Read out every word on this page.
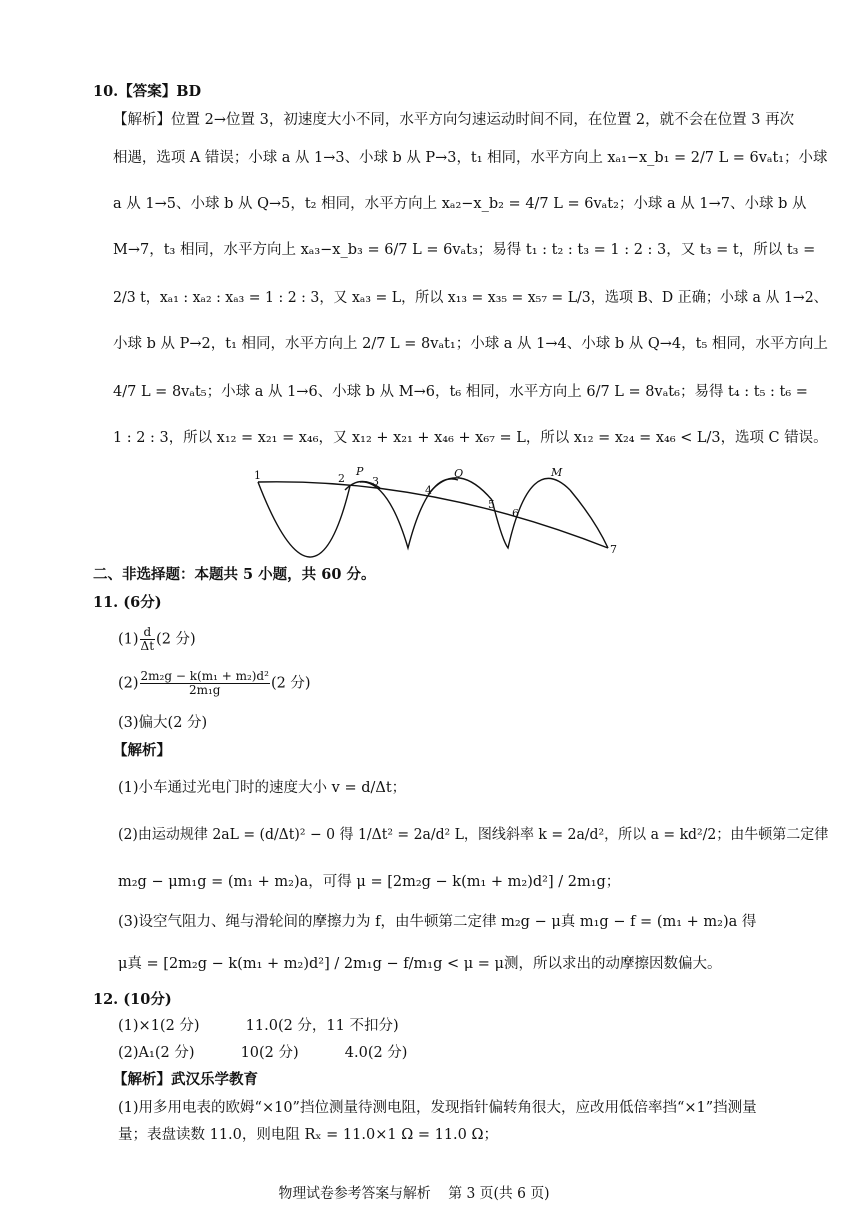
10.【答案】BD
【解析】位置 2→位置 3，初速度大小不同，水平方向匀速运动时间不同，在位置 2，就不会在位置 3 再次
相遇，选项 A 错误；小球 a 从 1→3、小球 b 从 P→3，t₁ 相同，水平方向上 xₐ₁−x_b₁ = 2/7 L = 6vₐt₁；小球
a 从 1→5、小球 b 从 Q→5，t₂ 相同，水平方向上 xₐ₂−x_b₂ = 4/7 L = 6vₐt₂；小球 a 从 1→7、小球 b 从
M→7，t₃ 相同，水平方向上 xₐ₃−x_b₃ = 6/7 L = 6vₐt₃；易得 t₁ : t₂ : t₃ = 1 : 2 : 3，又 t₃ = t，所以 t₃ =
2/3 t，xₐ₁ : xₐ₂ : xₐ₃ = 1 : 2 : 3，又 xₐ₃ = L，所以 x₁₃ = x₃₅ = x₅₇ = L/3，选项 B、D 正确；小球 a 从 1→2、
小球 b 从 P→2，t₁ 相同，水平方向上 2/7 L = 8vₐt₁；小球 a 从 1→4、小球 b 从 Q→4，t₅ 相同，水平方向上
4/7 L = 8vₐt₅；小球 a 从 1→6、小球 b 从 M→6，t₆ 相同，水平方向上 6/7 L = 8vₐt₆；易得 t₄ : t₅ : t₆ =
1 : 2 : 3，所以 x₁₂ = x₂₁ = x₄₆，又 x₁₂ + x₂₁ + x₄₆ + x₆₇ = L，所以 x₁₂ = x₂₄ = x₄₆ < L/3，选项 C 错误。
1	2
P
3
4
Q
5
6
M
7
二、非选择题：本题共 5 小题，共 60 分。
11. (6分)
$(1) \frac{d}{\Delta t} (2$ 分)
$(2) \frac{\text{2m₂g − k(m₁ + m₂)d²}}{\text{2m₁g}} (2$ 分)
(3)偏大(2 分)
【解析】
(1)小车通过光电门时的速度大小 v = d/Δt；
(2)由运动规律 2aL = (d/Δt)² − 0 得 1/Δt² = 2a/d² L，图线斜率 k = 2a/d²，所以 a = kd²/2；由牛顿第二定律
m₂g − μm₁g = (m₁ + m₂)a，可得 μ = [2m₂g − k(m₁ + m₂)d²] / 2m₁g；
(3)设空气阻力、绳与滑轮间的摩擦力为 f，由牛顿第二定律 m₂g − μ真 m₁g − f = (m₁ + m₂)a 得
μ真 = [2m₂g − k(m₁ + m₂)d²] / 2m₁g − f/m₁g < μ = μ测，所以求出的动摩擦因数偏大。
12. (10分)
(1)×1(2 分)          11.0(2 分，11 不扣分)
(2)A₁(2 分)          10(2 分)          4.0(2 分)
【解析】武汉乐学教育
(1)用多用电表的欧姆“×10”挡位测量待测电阻，发现指针偏转角很大，应改用低倍率挡“×1”挡测量
量；表盘读数 11.0，则电阻 Rₓ = 11.0×1 Ω = 11.0 Ω；
物理试卷参考答案与解析    第 3 页(共 6 页)
